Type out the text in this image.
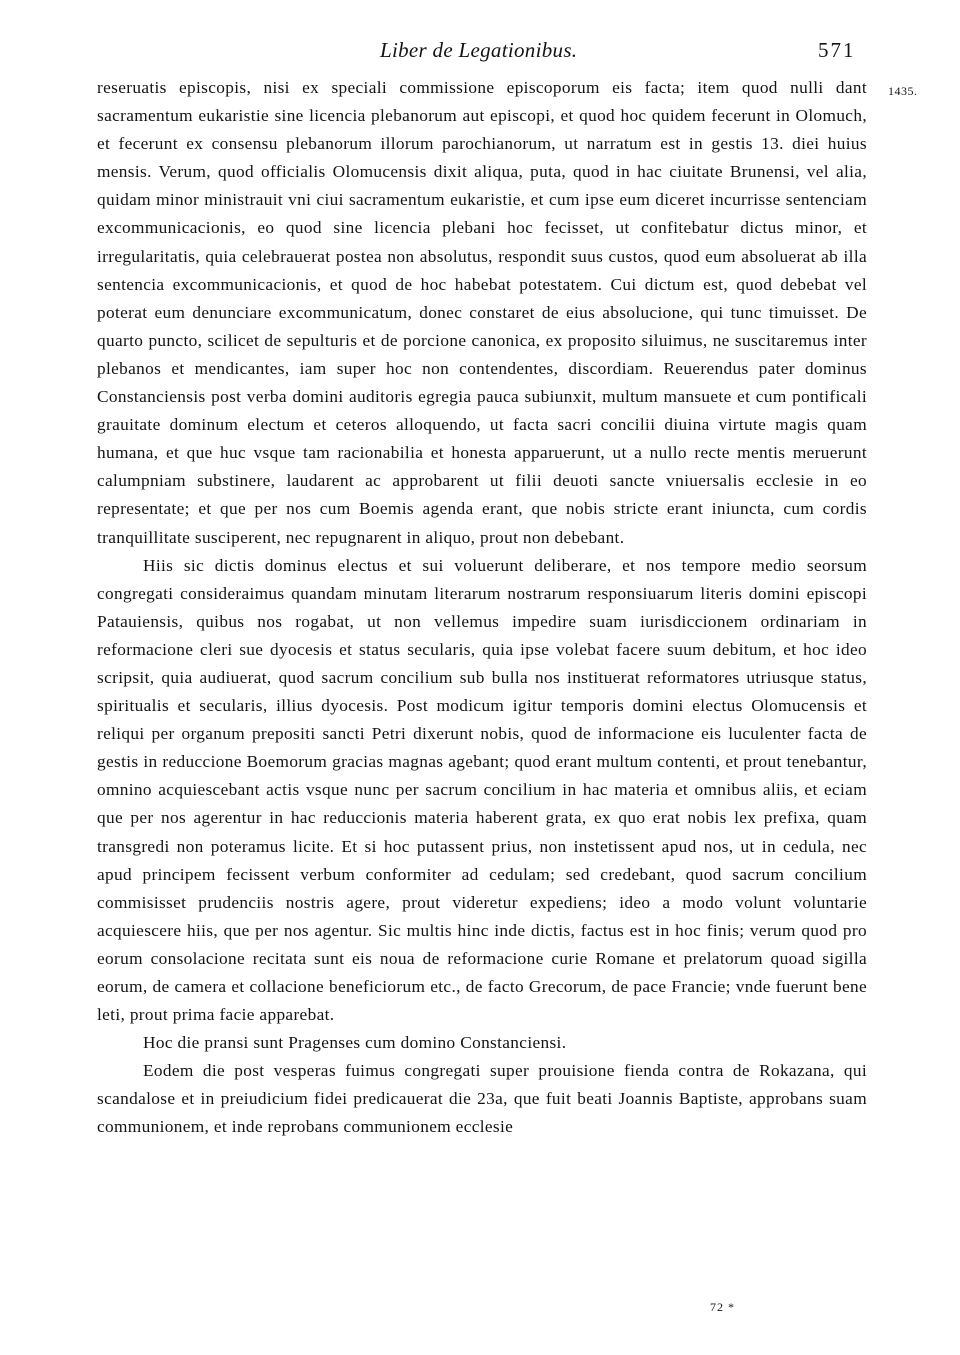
Liber de Legationibus.	571
1435.

reseruatis episcopis, nisi ex speciali commissione episcoporum eis facta; item quod nulli dant sacramentum eukaristie sine licencia plebanorum aut episcopi, et quod hoc quidem fecerunt in Olomuch, et fecerunt ex consensu plebanorum illorum parochianorum, ut narratum est in gestis 13. diei huius mensis. Verum, quod officialis Olomucensis dixit aliqua, puta, quod in hac ciuitate Brunensi, vel alia, quidam minor ministrauit vni ciui sacramentum eukaristie, et cum ipse eum diceret incurrisse sentenciam excommunicacionis, eo quod sine licencia plebani hoc fecisset, ut confitebatur dictus minor, et irregularitatis, quia celebrauerat postea non absolutus, respondit suus custos, quod eum absoluerat ab illa sentencia excommunicacionis, et quod de hoc habebat potestatem. Cui dictum est, quod debebat vel poterat eum denunciare excommunicatum, donec constaret de eius absolucione, qui tunc timuisset. De quarto puncto, scilicet de sepulturis et de porcione canonica, ex proposito siluimus, ne suscitaremus inter plebanos et mendicantes, iam super hoc non contendentes, discordiam. Reuerendus pater dominus Constanciensis post verba domini auditoris egregia pauca subiunxit, multum mansuete et cum pontificali grauitate dominum electum et ceteros alloquendo, ut facta sacri concilii diuina virtute magis quam humana, et que huc vsque tam racionabilia et honesta apparuerunt, ut a nullo recte mentis meruerunt calumpniam substinere, laudarent ac approbarent ut filii deuoti sancte vniuersalis ecclesie in eo representate; et que per nos cum Boemis agenda erant, que nobis stricte erant iniuncta, cum cordis tranquillitate susciperent, nec repugnarent in aliquo, prout non debebant.

Hiis sic dictis dominus electus et sui voluerunt deliberare, et nos tempore medio seorsum congregati consideraimus quandam minutam literarum nostrarum responsiuarum literis domini episcopi Patauiensis, quibus nos rogabat, ut non vellemus impedire suam iurisdiccionem ordinariam in reformacione cleri sue dyocesis et status secularis, quia ipse volebat facere suum debitum, et hoc ideo scripsit, quia audiuerat, quod sacrum concilium sub bulla nos instituerat reformatores utriusque status, spiritualis et secularis, illius dyocesis. Post modicum igitur temporis domini electus Olomucensis et reliqui per organum prepositi sancti Petri dixerunt nobis, quod de informacione eis luculenter facta de gestis in reduccione Boemorum gracias magnas agebant; quod erant multum contenti, et prout tenebantur, omnino acquiescebant actis vsque nunc per sacrum concilium in hac materia et omnibus aliis, et eciam que per nos agerentur in hac reduccionis materia haberent grata, ex quo erat nobis lex prefixa, quam transgredi non poteramus licite. Et si hoc putassent prius, non instetissent apud nos, ut in cedula, nec apud principem fecissent verbum conformiter ad cedulam; sed credebant, quod sacrum concilium commisisset prudenciis nostris agere, prout videretur expediens; ideo a modo volunt voluntarie acquiescere hiis, que per nos agentur. Sic multis hinc inde dictis, factus est in hoc finis; verum quod pro eorum consolacione recitata sunt eis noua de reformacione curie Romane et prelatorum quoad sigilla eorum, de camera et collacione beneficiorum etc., de facto Grecorum, de pace Francie; vnde fuerunt bene leti, prout prima facie apparebat.

Hoc die pransi sunt Pragenses cum domino Constanciensi.

Eodem die post vesperas fuimus congregati super prouisione fienda contra de Rokazana, qui scandalose et in preiudicium fidei predicauerat die 23a, que fuit beati Joannis Baptiste, approbans suam communionem, et inde reprobans communionem ecclesie

72 *
